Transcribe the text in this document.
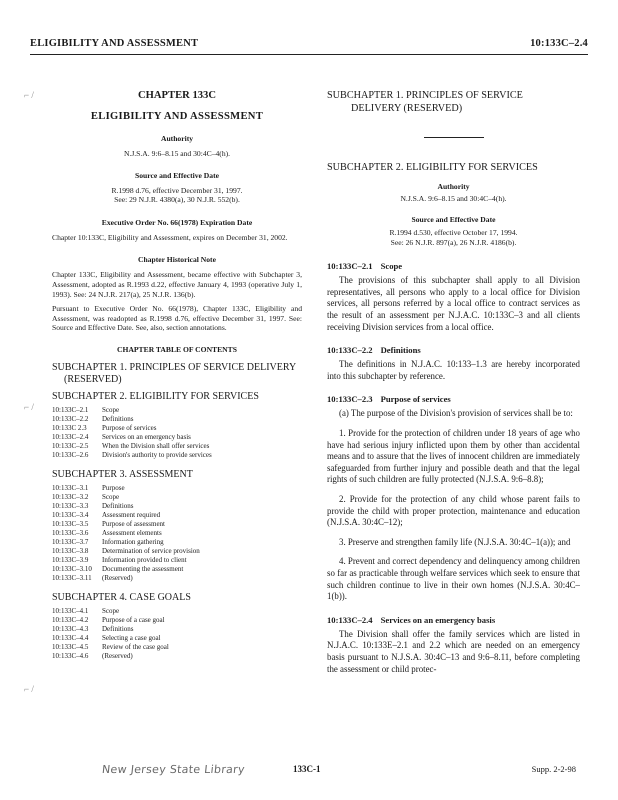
ELIGIBILITY AND ASSESSMENT	10:133C–2.4
⌐ /
⌐ /
⌐ /
CHAPTER 133C
ELIGIBILITY AND ASSESSMENT
Authority
N.J.S.A. 9:6–8.15 and 30:4C–4(h).
Source and Effective Date
R.1998 d.76, effective December 31, 1997.
See: 29 N.J.R. 4380(a), 30 N.J.R. 552(b).
Executive Order No. 66(1978) Expiration Date
Chapter 10:133C, Eligibility and Assessment, expires on December 31, 2002.
Chapter Historical Note
Chapter 133C, Eligibility and Assessment, became effective with Subchapter 3, Assessment, adopted as R.1993 d.22, effective January 4, 1993 (operative July 1, 1993). See: 24 N.J.R. 217(a), 25 N.J.R. 136(b).
Pursuant to Executive Order No. 66(1978), Chapter 133C, Eligibility and Assessment, was readopted as R.1998 d.76, effective December 31, 1997. See: Source and Effective Date. See, also, section annotations.
CHAPTER TABLE OF CONTENTS
SUBCHAPTER 1. PRINCIPLES OF SERVICE DELIVERY
(RESERVED)
SUBCHAPTER 2. ELIGIBILITY FOR SERVICES
10:133C–2.1	Scope
10:133C–2.2	Definitions
10:133C 2.3	Purpose of services
10:133C–2.4	Services on an emergency basis
10:133C–2.5	When the Division shall offer services
10:133C–2.6	Division's authority to provide services
SUBCHAPTER 3. ASSESSMENT
10:133C–3.1	Purpose
10:133C–3.2	Scope
10:133C–3.3	Definitions
10:133C–3.4	Assessment required
10:133C–3.5	Purpose of assessment
10:133C–3.6	Assessment elements
10:133C–3.7	Information gathering
10:133C–3.8	Determination of service provision
10:133C–3.9	Information provided to client
10:133C–3.10	Documenting the assessment
10:133C–3.11	(Reserved)
SUBCHAPTER 4. CASE GOALS
10:133C–4.1	Scope
10:133C–4.2	Purpose of a case goal
10:133C–4.3	Definitions
10:133C–4.4	Selecting a case goal
10:133C–4.5	Review of the case goal
10:133C–4.6	(Reserved)
SUBCHAPTER 1. PRINCIPLES OF SERVICE
DELIVERY (RESERVED)
SUBCHAPTER 2. ELIGIBILITY FOR SERVICES
Authority
N.J.S.A. 9:6–8.15 and 30:4C–4(h).
Source and Effective Date
R.1994 d.530, effective October 17, 1994.
See: 26 N.J.R. 897(a), 26 N.J.R. 4186(b).
10:133C–2.1 Scope
The provisions of this subchapter shall apply to all Division representatives, all persons who apply to a local office for Division services, all persons referred by a local office to contract services as the result of an assessment per N.J.A.C. 10:133C–3 and all clients receiving Division services from a local office.
10:133C–2.2 Definitions
The definitions in N.J.A.C. 10:133–1.3 are hereby incorporated into this subchapter by reference.
10:133C–2.3 Purpose of services
(a) The purpose of the Division's provision of services shall be to:
1. Provide for the protection of children under 18 years of age who have had serious injury inflicted upon them by other than accidental means and to assure that the lives of innocent children are immediately safeguarded from further injury and possible death and that the legal rights of such children are fully protected (N.J.S.A. 9:6–8.8);
2. Provide for the protection of any child whose parent fails to provide the child with proper protection, maintenance and education (N.J.S.A. 30:4C–12);
3. Preserve and strengthen family life (N.J.S.A. 30:4C–1(a)); and
4. Prevent and correct dependency and delinquency among children so far as practicable through welfare services which seek to ensure that such children continue to live in their own homes (N.J.S.A. 30:4C–1(b)).
10:133C–2.4 Services on an emergency basis
The Division shall offer the family services which are listed in N.J.A.C. 10:133E–2.1 and 2.2 which are needed on an emergency basis pursuant to N.J.S.A. 30:4C–13 and 9:6–8.11, before completing the assessment or child protec-
New Jersey State Library	133C-1	Supp. 2-2-98
